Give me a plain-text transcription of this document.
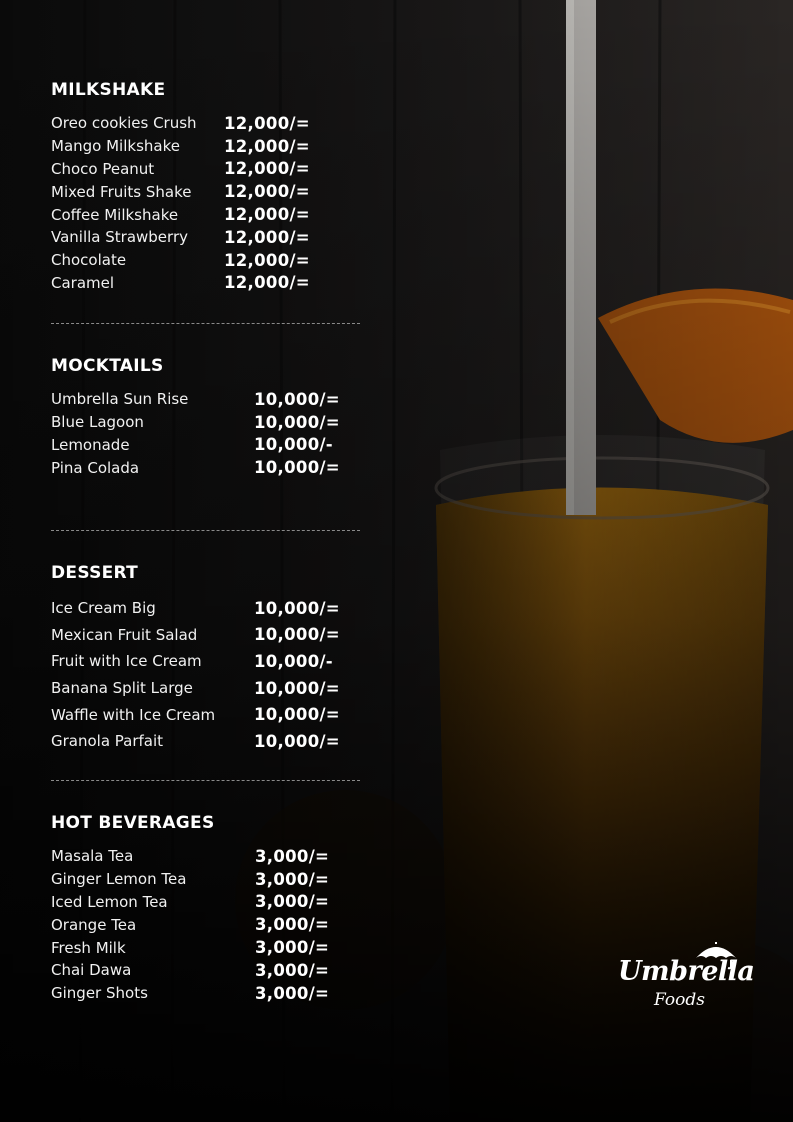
MILKSHAKE
Oreo cookies Crush	12,000/=
Mango Milkshake	12,000/=
Choco Peanut	12,000/=
Mixed Fruits Shake	12,000/=
Coffee Milkshake	12,000/=
Vanilla Strawberry	12,000/=
Chocolate	12,000/=
Caramel	12,000/=
MOCKTAILS
Umbrella Sun Rise	10,000/=
Blue Lagoon	10,000/=
Lemonade	10,000/-
Pina Colada	10,000/=
DESSERT
Ice Cream Big	10,000/=
Mexican Fruit Salad	10,000/=
Fruit with Ice Cream	10,000/-
Banana Split Large	10,000/=
Waffle with Ice Cream	10,000/=
Granola Parfait	10,000/=
HOT BEVERAGES
Masala Tea	3,000/=
Ginger Lemon Tea	3,000/=
Iced Lemon Tea	3,000/=
Orange Tea	3,000/=
Fresh Milk	3,000/=
Chai Dawa	3,000/=
Ginger Shots	3,000/=
Umbrella
Foods
